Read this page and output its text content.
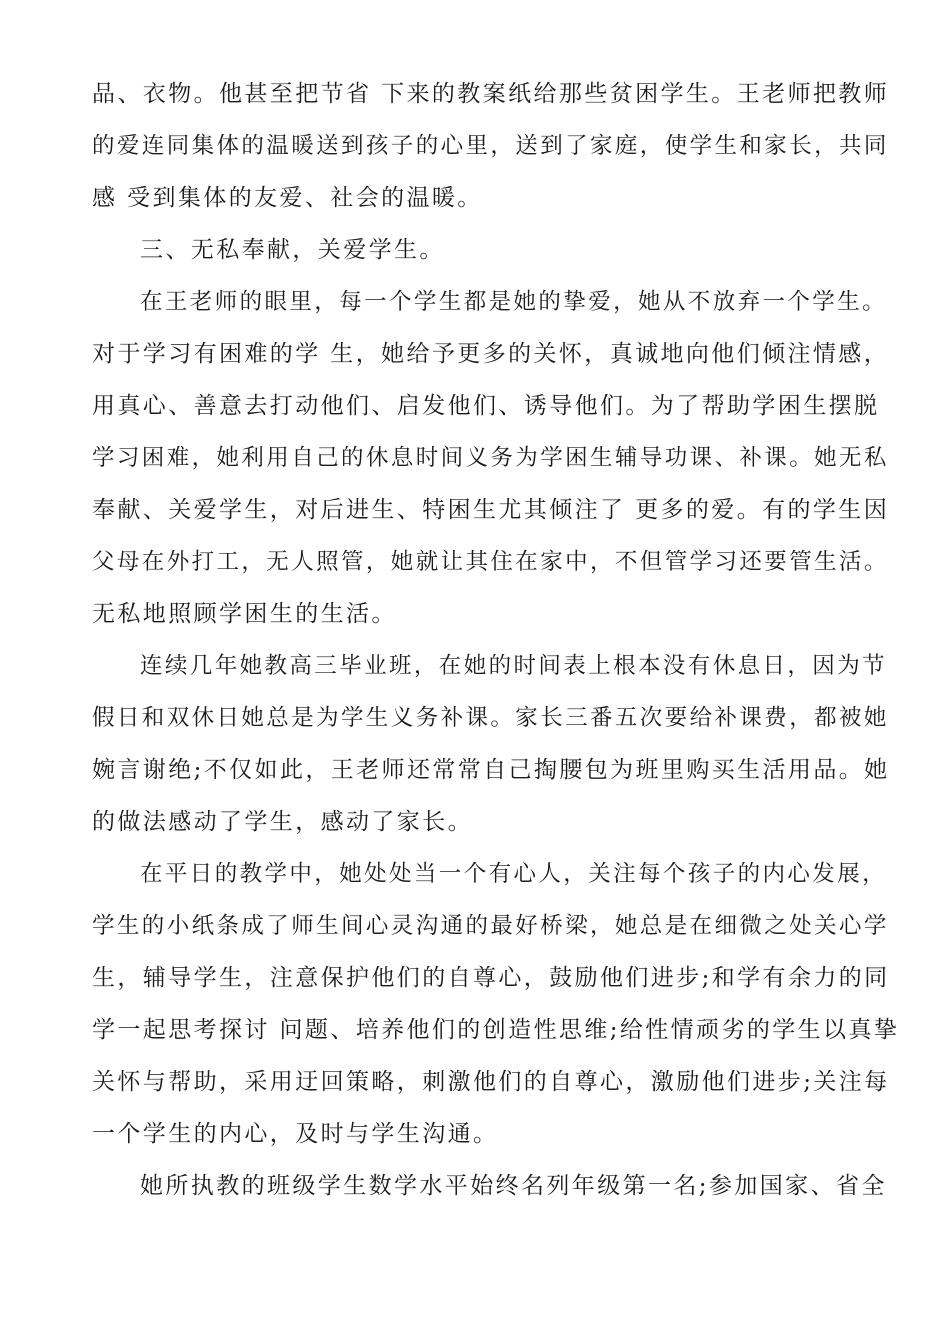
品、衣物。他甚至把节省 下来的教案纸给那些贫困学生。王老师把教师
的爱连同集体的温暖送到孩子的心里，送到了家庭，使学生和家长，共同
感 受到集体的友爱、社会的温暖。
三、无私奉献，关爱学生。
在王老师的眼里，每一个学生都是她的挚爱，她从不放弃一个学生。
对于学习有困难的学 生，她给予更多的关怀，真诚地向他们倾注情感，
用真心、善意去打动他们、启发他们、诱导他们。为了帮助学困生摆脱
学习困难，她利用自己的休息时间义务为学困生辅导功课、补课。她无私
奉献、关爱学生，对后进生、特困生尤其倾注了 更多的爱。有的学生因
父母在外打工，无人照管，她就让其住在家中，不但管学习还要管生活。
无私地照顾学困生的生活。
连续几年她教高三毕业班，在她的时间表上根本没有休息日，因为节
假日和双休日她总是为学生义务补课。家长三番五次要给补课费，都被她
婉言谢绝;不仅如此，王老师还常常自己掏腰包为班里购买生活用品。她
的做法感动了学生，感动了家长。
在平日的教学中，她处处当一个有心人，关注每个孩子的内心发展，
学生的小纸条成了师生间心灵沟通的最好桥梁，她总是在细微之处关心学
生，辅导学生，注意保护他们的自尊心，鼓励他们进步;和学有余力的同
学一起思考探讨 问题、培养他们的创造性思维;给性情顽劣的学生以真挚
关怀与帮助，采用迂回策略，刺激他们的自尊心，激励他们进步;关注每
一个学生的内心，及时与学生沟通。
她所执教的班级学生数学水平始终名列年级第一名;参加国家、省全
